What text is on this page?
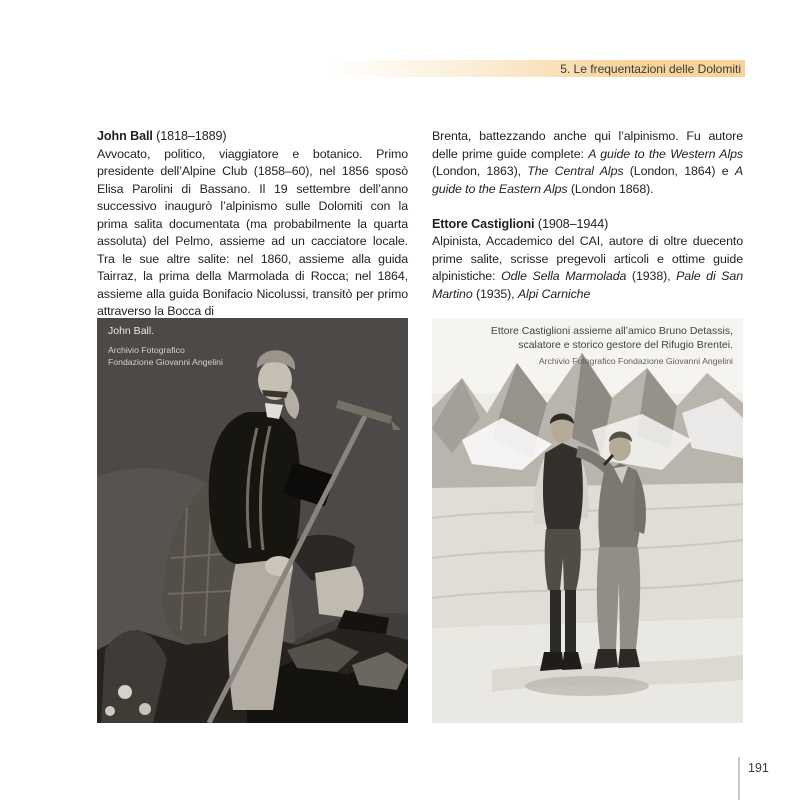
5. Le frequentazioni delle Dolomiti
John Ball (1818–1889)

Avvocato, politico, viaggiatore e botanico. Primo presidente dell’Alpine Club (1858–60), nel 1856 sposò Elisa Parolini di Bassano. Il 19 settembre dell’anno successivo inaugurò l’alpinismo sulle Dolomiti con la prima salita documentata (ma probabilmente la quarta assoluta) del Pelmo, assieme ad un cacciatore locale. Tra le sue altre salite: nel 1860, assieme alla guida Tairraz, la prima della Marmolada di Rocca; nel 1864, assieme alla guida Bonifacio Nicolussi, transitò per primo attraverso la Bocca di

Brenta, battezzando anche qui l’alpinismo. Fu autore delle prime guide complete: A guide to the Western Alps (London, 1863), The Central Alps (London, 1864) e A guide to the Eastern Alps (London 1868).

Ettore Castiglioni (1908–1944)

Alpinista, Accademico del CAI, autore di oltre duecento prime salite, scrisse pregevoli articoli e ottime guide alpinistiche: Odle Sella Marmolada (1938), Pale di San Martino (1935), Alpi Carniche

John Ball.
Archivio Fotografico
Fondazione Giovanni Angelini
Ettore Castiglioni assieme all’amico Bruno Detassis,
scalatore e storico gestore del Rifugio Brentei.
Archivio Fotografico Fondazione Giovanni Angelini
191
